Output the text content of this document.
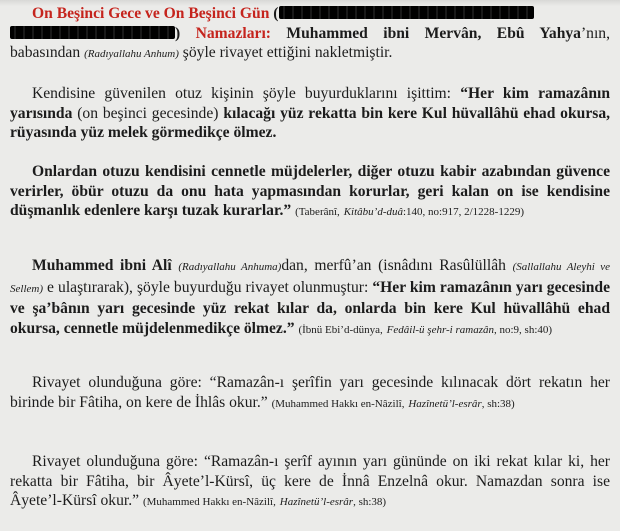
On Beşinci Gece ve On Beşinci Gün (
) Namazları: Muhammed ibni Mervân, Ebû Yahya’nın, babasından (Radıyallahu Anhum) şöyle rivayet ettiğini nakletmiştir.

Kendisine güvenilen otuz kişinin şöyle buyurduklarını işittim: “Her kim ramazânın yarısında (on beşinci gecesinde) kılacağı yüz rekatta bin kere Kul hüvallâhü ehad okursa, rüyasında yüz melek görmedikçe ölmez.

Onlardan otuzu kendisini cennetle müjdelerler, diğer otuzu kabir azabından güvence verirler, öbür otuzu da onu hata yapmasından korurlar, geri kalan on ise kendisine düşmanlık edenlere karşı tuzak kurarlar.” (Taberânî, Kitâbu’d-duâ:140, no:917, 2/1228-1229)

Muhammed ibni Alî (Radıyallahu Anhuma)dan, merfû’an (isnâdını Rasûlüllâh (Sallallahu Aleyhi ve Sellem) e ulaştırarak), şöyle buyurduğu rivayet olunmuştur: “Her kim ramazânın yarı gecesinde ve şa’bânın yarı gecesinde yüz rekat kılar da, onlarda bin kere Kul hüvallâhü ehad okursa, cennetle müjdelenmedikçe ölmez.” (İbnü Ebi’d-dünya, Fedâil-ü şehr-i ramazân, no:9, sh:40)

Rivayet olunduğuna göre: “Ramazân-ı şerîfin yarı gecesinde kılınacak dört rekatın her birinde bir Fâtiha, on kere de İhlâs okur.” (Muhammed Hakkı en-Nâzilî, Hazînetü’l-esrâr, sh:38)

Rivayet olunduğuna göre: “Ramazân-ı şerîf ayının yarı gününde on iki rekat kılar ki, her rekatta bir Fâtiha, bir Âyete’l-Kürsî, üç kere de İnnâ Enzelnâ okur. Namazdan sonra ise Âyete’l-Kürsî okur.” (Muhammed Hakkı en-Nâzilî, Hazînetü’l-esrâr, sh:38)
